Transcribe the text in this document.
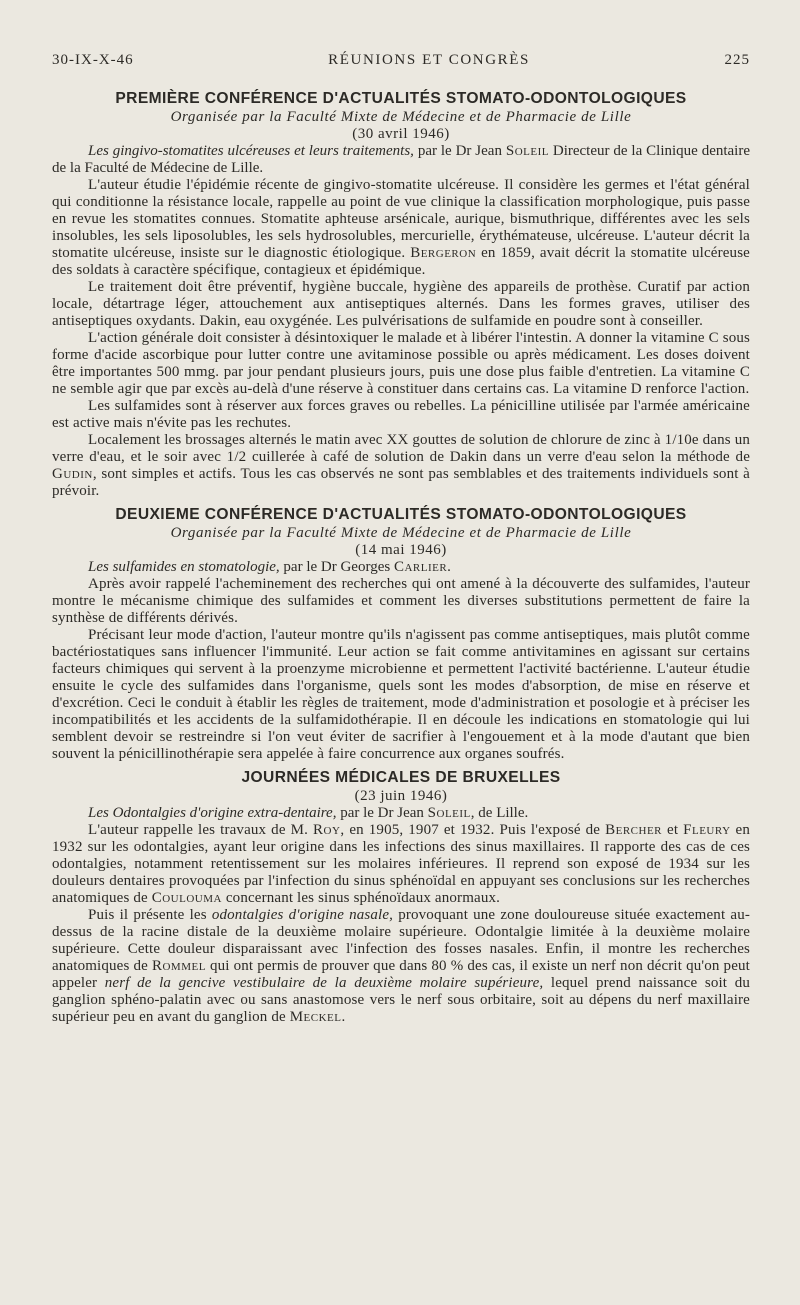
30-IX-X-46	RÉUNIONS ET CONGRÈS	225
PREMIÈRE CONFÉRENCE D'ACTUALITÉS STOMATO-ODONTOLOGIQUES
Organisée par la Faculté Mixte de Médecine et de Pharmacie de Lille
(30 avril 1946)

Les gingivo-stomatites ulcéreuses et leurs traitements, par le Dr Jean Soleil Directeur de la Clinique dentaire de la Faculté de Médecine de Lille.

L'auteur étudie l'épidémie récente de gingivo-stomatite ulcéreuse. Il considère les germes et l'état général qui conditionne la résistance locale, rappelle au point de vue clinique la classification morphologique, puis passe en revue les stomatites connues. Stomatite aphteuse arsénicale, aurique, bismuthrique, différentes avec les sels insolubles, les sels liposolubles, les sels hydrosolubles, mercurielle, érythémateuse, ulcéreuse. L'auteur décrit la stomatite ulcéreuse, insiste sur le diagnostic étiologique. Bergeron en 1859, avait décrit la stomatite ulcéreuse des soldats à caractère spécifique, contagieux et épidémique.

Le traitement doit être préventif, hygiène buccale, hygiène des appareils de prothèse. Curatif par action locale, détartrage léger, attouchement aux antiseptiques alternés. Dans les formes graves, utiliser des antiseptiques oxydants. Dakin, eau oxygénée. Les pulvérisations de sulfamide en poudre sont à conseiller.

L'action générale doit consister à désintoxiquer le malade et à libérer l'intestin. A donner la vitamine C sous forme d'acide ascorbique pour lutter contre une avitaminose possible ou après médicament. Les doses doivent être importantes 500 mmg. par jour pendant plusieurs jours, puis une dose plus faible d'entretien. La vitamine C ne semble agir que par excès au-delà d'une réserve à constituer dans certains cas. La vitamine D renforce l'action.

Les sulfamides sont à réserver aux forces graves ou rebelles. La pénicilline utilisée par l'armée américaine est active mais n'évite pas les rechutes.

Localement les brossages alternés le matin avec XX gouttes de solution de chlorure de zinc à 1/10e dans un verre d'eau, et le soir avec 1/2 cuillerée à café de solution de Dakin dans un verre d'eau selon la méthode de Gudin, sont simples et actifs. Tous les cas observés ne sont pas semblables et des traitements individuels sont à prévoir.

DEUXIEME CONFÉRENCE D'ACTUALITÉS STOMATO-ODONTOLOGIQUES
Organisée par la Faculté Mixte de Médecine et de Pharmacie de Lille
(14 mai 1946)

Les sulfamides en stomatologie, par le Dr Georges Carlier.

Après avoir rappelé l'acheminement des recherches qui ont amené à la découverte des sulfamides, l'auteur montre le mécanisme chimique des sulfamides et comment les diverses substitutions permettent de faire la synthèse de différents dérivés.

Précisant leur mode d'action, l'auteur montre qu'ils n'agissent pas comme antiseptiques, mais plutôt comme bactériostatiques sans influencer l'immunité. Leur action se fait comme antivitamines en agissant sur certains facteurs chimiques qui servent à la proenzyme microbienne et permettent l'activité bactérienne. L'auteur étudie ensuite le cycle des sulfamides dans l'organisme, quels sont les modes d'absorption, de mise en réserve et d'excrétion. Ceci le conduit à établir les règles de traitement, mode d'administration et posologie et à préciser les incompatibilités et les accidents de la sulfamidothérapie. Il en découle les indications en stomatologie qui lui semblent devoir se restreindre si l'on veut éviter de sacrifier à l'engouement et à la mode d'autant que bien souvent la pénicillinothérapie sera appelée à faire concurrence aux organes soufrés.

JOURNÉES MÉDICALES DE BRUXELLES
(23 juin 1946)

Les Odontalgies d'origine extra-dentaire, par le Dr Jean Soleil, de Lille.

L'auteur rappelle les travaux de M. Roy, en 1905, 1907 et 1932. Puis l'exposé de Bercher et Fleury en 1932 sur les odontalgies, ayant leur origine dans les infections des sinus maxillaires. Il rapporte des cas de ces odontalgies, notamment retentissement sur les molaires inférieures. Il reprend son exposé de 1934 sur les douleurs dentaires provoquées par l'infection du sinus sphénoïdal en appuyant ses conclusions sur les recherches anatomiques de Coulouma concernant les sinus sphénoïdaux anormaux.

Puis il présente les odontalgies d'origine nasale, provoquant une zone douloureuse située exactement au-dessus de la racine distale de la deuxième molaire supérieure. Odontalgie limitée à la deuxième molaire supérieure. Cette douleur disparaissant avec l'infection des fosses nasales. Enfin, il montre les recherches anatomiques de Rommel qui ont permis de prouver que dans 80 % des cas, il existe un nerf non décrit qu'on peut appeler nerf de la gencive vestibulaire de la deuxième molaire supérieure, lequel prend naissance soit du ganglion sphéno-palatin avec ou sans anastomose vers le nerf sous orbitaire, soit au dépens du nerf maxillaire supérieur peu en avant du ganglion de Meckel.
